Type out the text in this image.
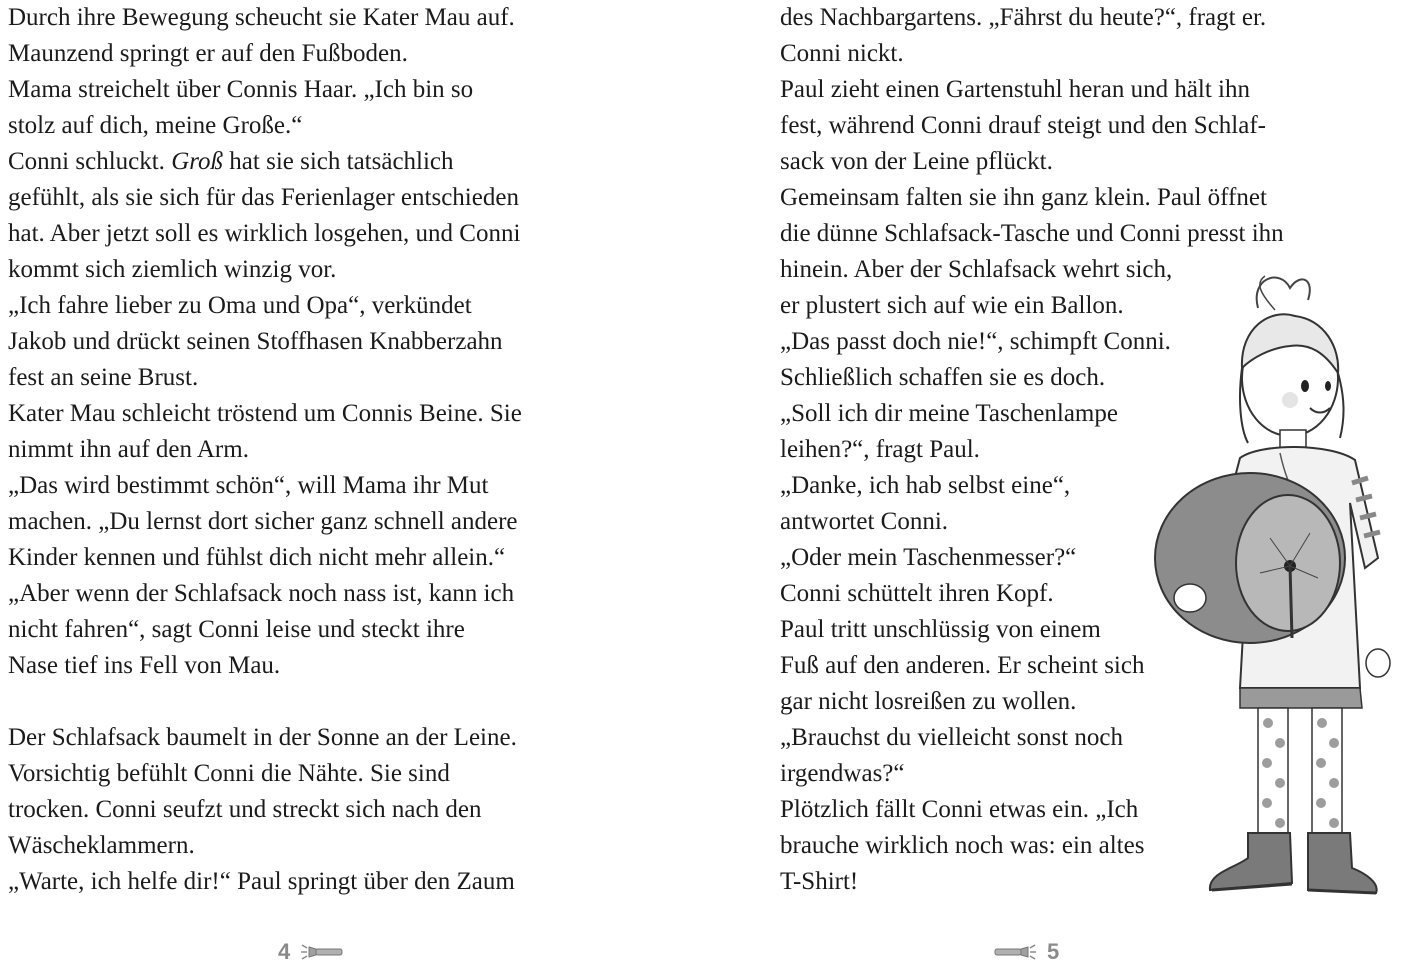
Durch ihre Bewegung scheucht sie Kater Mau auf.
Maunzend springt er auf den Fußboden.
Mama streichelt über Connis Haar. „Ich bin so
stolz auf dich, meine Große.“
Conni schluckt. Groß hat sie sich tatsächlich
gefühlt, als sie sich für das Ferienlager entschieden
hat. Aber jetzt soll es wirklich losgehen, und Conni
kommt sich ziemlich winzig vor.
„Ich fahre lieber zu Oma und Opa“, verkündet
Jakob und drückt seinen Stoffhasen Knabberzahn
fest an seine Brust.
Kater Mau schleicht tröstend um Connis Beine. Sie
nimmt ihn auf den Arm.
„Das wird bestimmt schön“, will Mama ihr Mut
machen. „Du lernst dort sicher ganz schnell andere
Kinder kennen und fühlst dich nicht mehr allein.“
„Aber wenn der Schlafsack noch nass ist, kann ich
nicht fahren“, sagt Conni leise und steckt ihre
Nase tief ins Fell von Mau.
Der Schlafsack baumelt in der Sonne an der Leine.
Vorsichtig befühlt Conni die Nähte. Sie sind
trocken. Conni seufzt und streckt sich nach den
Wäscheklammern.
„Warte, ich helfe dir!“ Paul springt über den Zaum
des Nachbargartens. „Fährst du heute?“, fragt er.
Conni nickt.
Paul zieht einen Gartenstuhl heran und hält ihn
fest, während Conni drauf steigt und den Schlaf-
sack von der Leine pflückt.
Gemeinsam falten sie ihn ganz klein. Paul öffnet
die dünne Schlafsack-Tasche und Conni presst ihn
hinein. Aber der Schlafsack wehrt sich,
er plustert sich auf wie ein Ballon.
„Das passt doch nie!“, schimpft Conni.
Schließlich schaffen sie es doch.
„Soll ich dir meine Taschenlampe
leihen?“, fragt Paul.
„Danke, ich hab selbst eine“,
antwortet Conni.
„Oder mein Taschenmesser?“
Conni schüttelt ihren Kopf.
Paul tritt unschlüssig von einem
Fuß auf den anderen. Er scheint sich
gar nicht losreißen zu wollen.
„Brauchst du vielleicht sonst noch
irgendwas?“
Plötzlich fällt Conni etwas ein. „Ich
brauche wirklich noch was: ein altes
T-Shirt!
4	5
